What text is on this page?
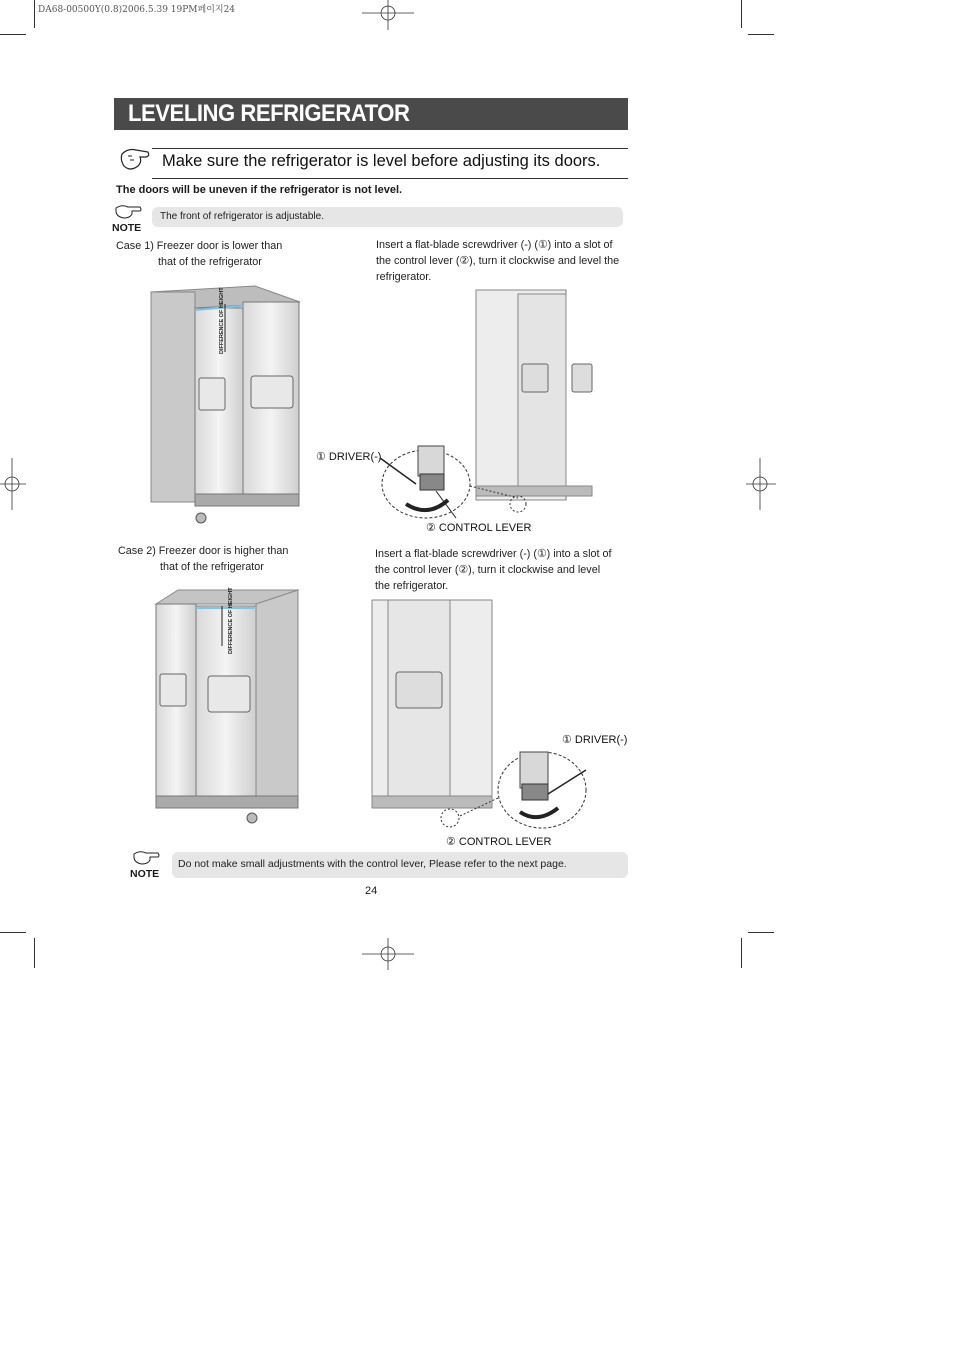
DA68-00500Y(0.8)2006.5.39 19PM페이지24
LEVELING REFRIGERATOR
Make sure the refrigerator is level before adjusting its doors.
The doors will be uneven if the refrigerator is not level.
NOTE
The front of refrigerator is adjustable.
Case 1) Freezer door is lower than
that of the refrigerator
Insert a flat-blade screwdriver (-) (①) into a slot of
the control lever (②), turn it clockwise and level the
refrigerator.
DIFFERENCE OF HEIGHT
① DRIVER(-)
② CONTROL LEVER
Case 2) Freezer door is higher than
that of the refrigerator
Insert a flat-blade screwdriver (-) (①) into a slot of
the control lever (②), turn it clockwise and level
the refrigerator.
DIFFERENCE OF HEIGHT
① DRIVER(-)
② CONTROL LEVER
NOTE
Do not make small adjustments with the control lever, Please refer to the next page.
24
